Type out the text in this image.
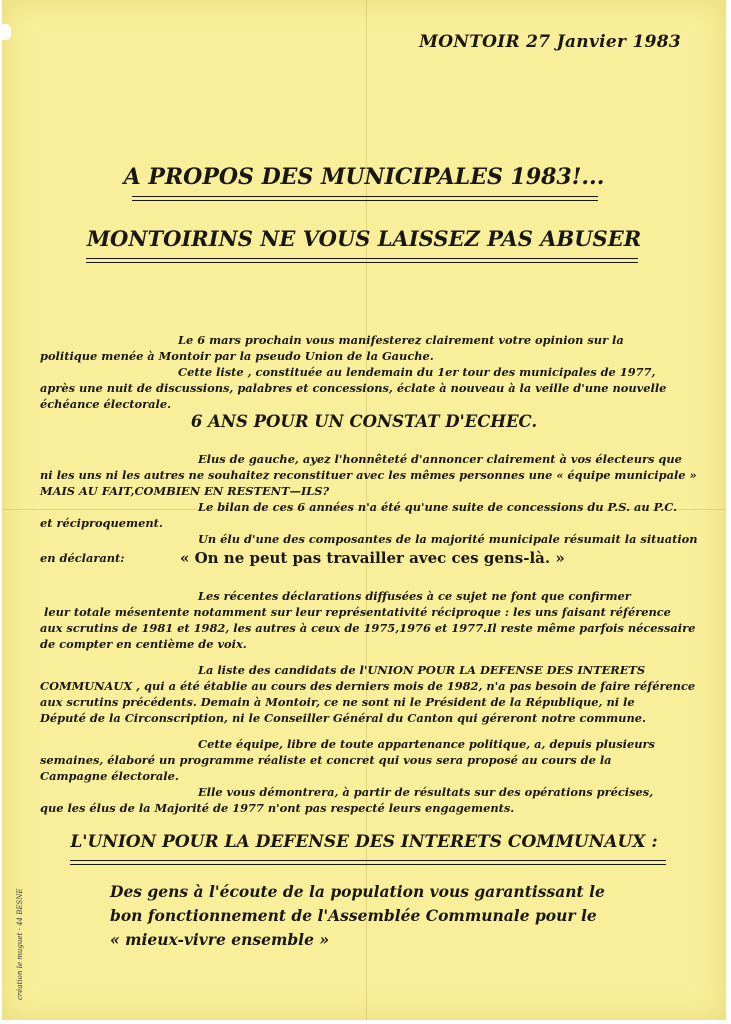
MONTOIR 27 Janvier 1983
A PROPOS DES MUNICIPALES 1983!...
MONTOIRINS NE VOUS LAISSEZ PAS ABUSER
Le 6 mars prochain vous manifesterez clairement votre opinion sur la
politique menée à Montoir par la pseudo Union de la Gauche.
Cette liste , constituée au lendemain du 1er tour des municipales de 1977,
après une nuit de discussions, palabres et concessions, éclate à nouveau à la veille d'une nouvelle
échéance électorale.
6 ANS POUR UN CONSTAT D'ECHEC.
Elus de gauche, ayez l'honnêteté d'annoncer clairement à vos électeurs que
ni les uns ni les autres ne souhaitez reconstituer avec les mêmes personnes une « équipe municipale »
MAIS AU FAIT,COMBIEN EN RESTENT—ILS?
Le bilan de ces 6 années n'a été qu'une suite de concessions du P.S. au P.C.
et réciproquement.
Un élu d'une des composantes de la majorité municipale résumait la situation
en déclarant:	« On ne peut pas travailler avec ces gens-là. »
Les récentes déclarations diffusées à ce sujet ne font que confirmer
leur totale mésentente notamment sur leur représentativité réciproque : les uns faisant référence
aux scrutins de 1981 et 1982, les autres à ceux de 1975,1976 et 1977.Il reste même parfois nécessaire
de compter en centième de voix.
La liste des candidats de l'UNION POUR LA DEFENSE DES INTERETS
COMMUNAUX , qui a été établie au cours des derniers mois de 1982, n'a pas besoin de faire référence
aux scrutins précédents. Demain à Montoir, ce ne sont ni le Président de la République, ni le
Député de la Circonscription, ni le Conseiller Général du Canton qui géreront notre commune.
Cette équipe, libre de toute appartenance politique, a, depuis plusieurs
semaines, élaboré un programme réaliste et concret qui vous sera proposé au cours de la
Campagne électorale.
Elle vous démontrera, à partir de résultats sur des opérations précises,
que les élus de la Majorité de 1977 n'ont pas respecté leurs engagements.
L'UNION POUR LA DEFENSE DES INTERETS COMMUNAUX :
Des gens à l'écoute de la population vous garantissant le
bon fonctionnement de l'Assemblée Communale pour le
« mieux-vivre ensemble »
création le muguet - 44 BESNE
